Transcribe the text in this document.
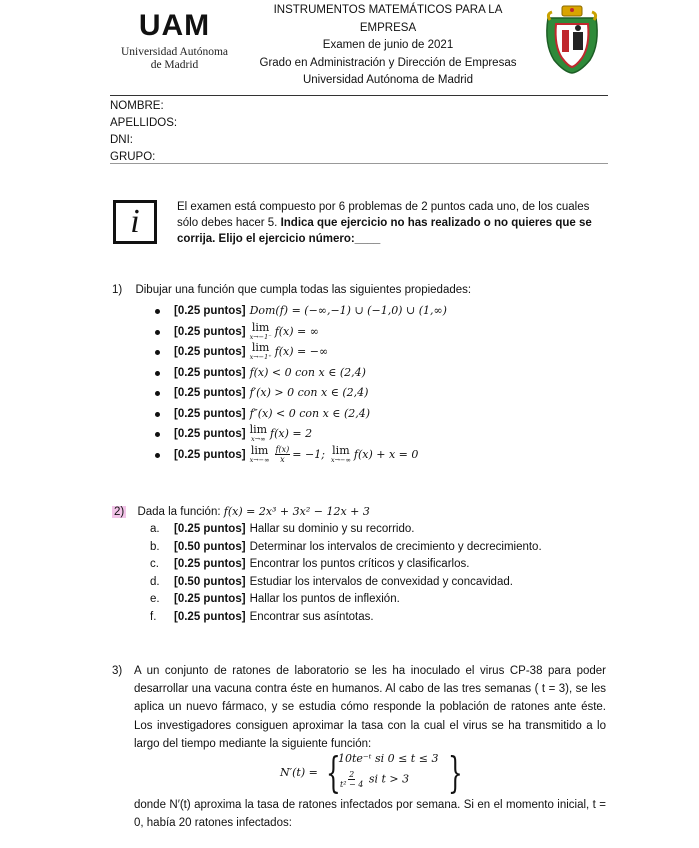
UAM
Universidad Autónoma
de Madrid
INSTRUMENTOS MATEMÁTICOS PARA LA EMPRESA
Examen de junio de 2021
Grado en Administración y Dirección de Empresas
Universidad Autónoma de Madrid
NOMBRE:
APELLIDOS:
DNI:
GRUPO:
i	El examen está compuesto por 6 problemas de 2 puntos cada uno, de los cuales sólo debes hacer 5. Indica que ejercicio no has realizado o no quieres que se corrija. Elijo el ejercicio número:____
1) Dibujar una función que cumpla todas las siguientes propiedades:
[0.25 puntos] Dom(f) = (−∞,−1) ∪ (−1,0) ∪ (1,∞)
[0.25 puntos] lim
x→−1⁻ f(x) = ∞
[0.25 puntos] lim
x→−1⁺ f(x) = −∞
[0.25 puntos] f(x) < 0 con x ∈ (2,4)
[0.25 puntos] f′(x) > 0 con x ∈ (2,4)
[0.25 puntos] f″(x) < 0 con x ∈ (2,4)
[0.25 puntos] lim
x→∞ f(x) = 2
[0.25 puntos] lim
$x\to-\infty \frac{f(x)}{x} = -1$; lim
x→−∞ f(x) + x = 0
2) Dada la función: f(x) = 2x³ + 3x² − 12x + 3
a.	[0.25 puntos] Hallar su dominio y su recorrido.
b.	[0.50 puntos] Determinar los intervalos de crecimiento y decrecimiento.
c.	[0.25 puntos] Encontrar los puntos críticos y clasificarlos.
d.	[0.50 puntos] Estudiar los intervalos de convexidad y concavidad.
e.	[0.25 puntos] Hallar los puntos de inflexión.
f.	[0.25 puntos] Encontrar sus asíntotas.
3)	A un conjunto de ratones de laboratorio se les ha inoculado el virus CP-38 para poder desarrollar una vacuna contra éste en humanos. Al cabo de las tres semanas ( t = 3), se les aplica un nuevo fármaco, y se estudia cómo responde la población de ratones ante éste. Los investigadores consiguen aproximar la tasa con la cual el virus se ha transmitido a lo largo del tiempo mediante la siguiente función:
N′(t) = {
10te⁻ᵗ si 0 ≤ t ≤ 3
$\frac{2}{\text{t² − 4}}$ si t > 3 }
donde N′(t) aproxima la tasa de ratones infectados por semana. Si en el momento inicial, t = 0, había 20 ratones infectados:
